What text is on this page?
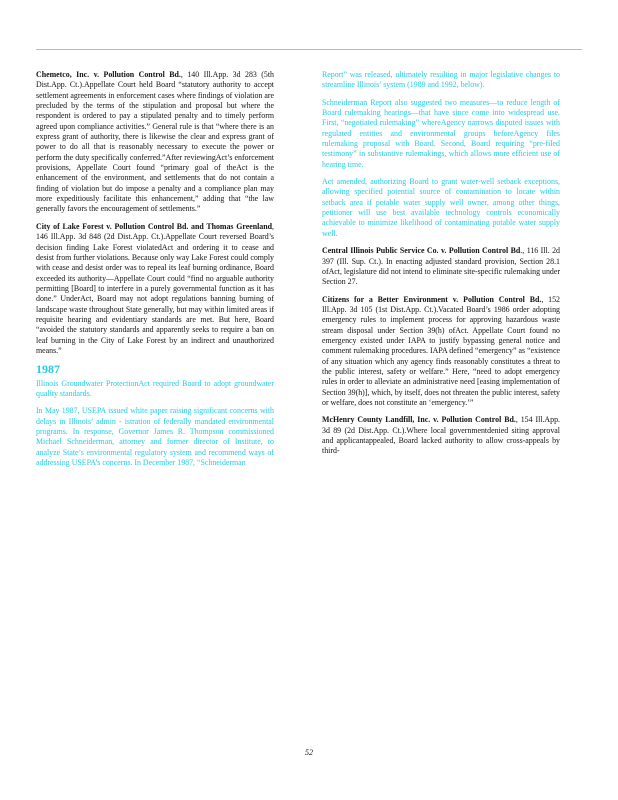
Chemetco, Inc. v. Pollution Control Bd., 140 Ill.App. 3d 283 (5th Dist.App. Ct.).Appellate Court held Board “statutory authority to accept settlement agreements in enforcement cases where findings of violation are precluded by the terms of the stipulation and proposal but where the respondent is ordered to pay a stipulated penalty and to timely perform agreed upon compliance activities.” General rule is that “where there is an express grant of authority, there is likewise the clear and express grant of power to do all that is reasonably necessary to execute the power or perform the duty specifically conferred.”After reviewingAct’s enforcement provisions, Appellate Court found “primary goal of theAct is the enhancement of the environment, and settlements that do not contain a finding of violation but do impose a penalty and a compliance plan may more expeditiously facilitate this enhancement,” adding that “the law generally favors the encouragement of settlements.”

City of Lake Forest v. Pollution Control Bd. and Thomas Greenland, 146 Ill.App. 3d 848 (2d Dist.App. Ct.).Appellate Court reversed Board’s decision finding Lake Forest violatedAct and ordering it to cease and desist from further violations. Because only way Lake Forest could comply with cease and desist order was to repeal its leaf burning ordinance, Board exceeded its authority—Appellate Court could “find no arguable authority permitting [Board] to interfere in a purely governmental function as it has done.” UnderAct, Board may not adopt regulations banning burning of landscape waste throughout State generally, but may within limited areas if requisite hearing and evidentiary standards are met. But here, Board “avoided the statutory standards and apparently seeks to require a ban on leaf burning in the City of Lake Forest by an indirect and unauthorized means.”

1987

Illinois Groundwater ProtectionAct required Board to adopt groundwater quality standards.

In May 1987, USEPA issued white paper raising significant concerns with delays in Illinois’ admin - istration of federally mandated environmental programs. In response, Governor James R. Thompson commissioned Michael Schneiderman, attorney and former director of Institute, to analyze State’s environmental regulatory system and recommend ways of addressing USEPA’s concerns. In December 1987, “Schneiderman

Report” was released, ultimately resulting in major legislative changes to streamline Illinois’ system (1989 and 1992, below).

Schneiderman Report also suggested two measures—to reduce length of Board rulemaking hearings—that have since come into widespread use. First, “negotiated rulemaking” whereAgency narrows disputed issues with regulated entities and environmental groups beforeAgency files rulemaking proposal with Board. Second, Board requiring “pre-filed testimony” in substantive rulemakings, which allows more efficient use of hearing time.

Act amended, authorizing Board to grant water-well setback exceptions, allowing specified potential source of contamination to locate within setback area if potable water supply well owner, among other things, petitioner will use best available technology controls economically achievable to minimize likelihood of contaminating potable water supply well.

Central Illinois Public Service Co. v. Pollution Control Bd., 116 Ill. 2d 397 (Ill. Sup. Ct.). In enacting adjusted standard provision, Section 28.1 ofAct, legislature did not intend to eliminate site-specific rulemaking under Section 27.

Citizens for a Better Environment v. Pollution Control Bd., 152 Ill.App. 3d 105 (1st Dist.App. Ct.).Vacated Board’s 1986 order adopting emergency rules to implement process for approving hazardous waste stream disposal under Section 39(h) ofAct. Appellate Court found no emergency existed under IAPA to justify bypassing general notice and comment rulemaking procedures. IAPA defined “emergency” as “existence of any situation which any agency finds reasonably constitutes a threat to the public interest, safety or welfare.” Here, “need to adopt emergency rules in order to alleviate an administrative need [easing implementation of Section 39(h)], which, by itself, does not threaten the public interest, safety or welfare, does not constitute an ‘emergency.’”

McHenry County Landfill, Inc. v. Pollution Control Bd., 154 Ill.App. 3d 89 (2d Dist.App. Ct.).Where local governmentdenied siting approval and applicantappealed, Board lacked authority to allow cross-appeals by third-

52
